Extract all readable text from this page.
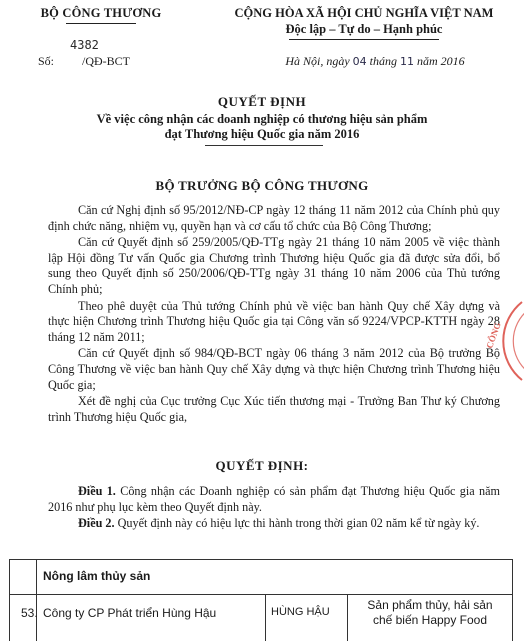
BỘ CÔNG THƯƠNG	CỘNG HÒA XÃ HỘI CHỦ NGHĨA VIỆT NAM
Độc lập – Tự do – Hạnh phúc
4382
Số: /QĐ-BCT	Hà Nội, ngày 04 tháng 11 năm 2016
QUYẾT ĐỊNH
Về việc công nhận các doanh nghiệp có thương hiệu sản phẩm
đạt Thương hiệu Quốc gia năm 2016
BỘ TRƯỞNG BỘ CÔNG THƯƠNG

Căn cứ Nghị định số 95/2012/NĐ-CP ngày 12 tháng 11 năm 2012 của Chính phủ quy định chức năng, nhiệm vụ, quyền hạn và cơ cấu tổ chức của Bộ Công Thương;

Căn cứ Quyết định số 259/2005/QĐ-TTg ngày 21 tháng 10 năm 2005 về việc thành lập Hội đồng Tư vấn Quốc gia Chương trình Thương hiệu Quốc gia đã được sửa đổi, bổ sung theo Quyết định số 250/2006/QĐ-TTg ngày 31 tháng 10 năm 2006 của Thủ tướng Chính phủ;

Theo phê duyệt của Thủ tướng Chính phủ về việc ban hành Quy chế Xây dựng và thực hiện Chương trình Thương hiệu Quốc gia tại Công văn số 9224/VPCP-KTTH ngày 28 tháng 12 năm 2011;

Căn cứ Quyết định số 984/QĐ-BCT ngày 06 tháng 3 năm 2012 của Bộ trưởng Bộ Công Thương về việc ban hành Quy chế Xây dựng và thực hiện Chương trình Thương hiệu Quốc gia;

Xét đề nghị của Cục trưởng Cục Xúc tiến thương mại - Trưởng Ban Thư ký Chương trình Thương hiệu Quốc gia,

QUYẾT ĐỊNH:

Điều 1. Công nhận các Doanh nghiệp có sản phẩm đạt Thương hiệu Quốc gia năm 2016 như phụ lục kèm theo Quyết định này.

Điều 2. Quyết định này có hiệu lực thi hành trong thời gian 02 năm kể từ ngày ký.

Nông lâm thủy sản
53. Công ty CP Phát triển Hùng Hậu	HÙNG HẬU	Sản phẩm thủy, hải sản
chế biến Happy Food
CÔNG
